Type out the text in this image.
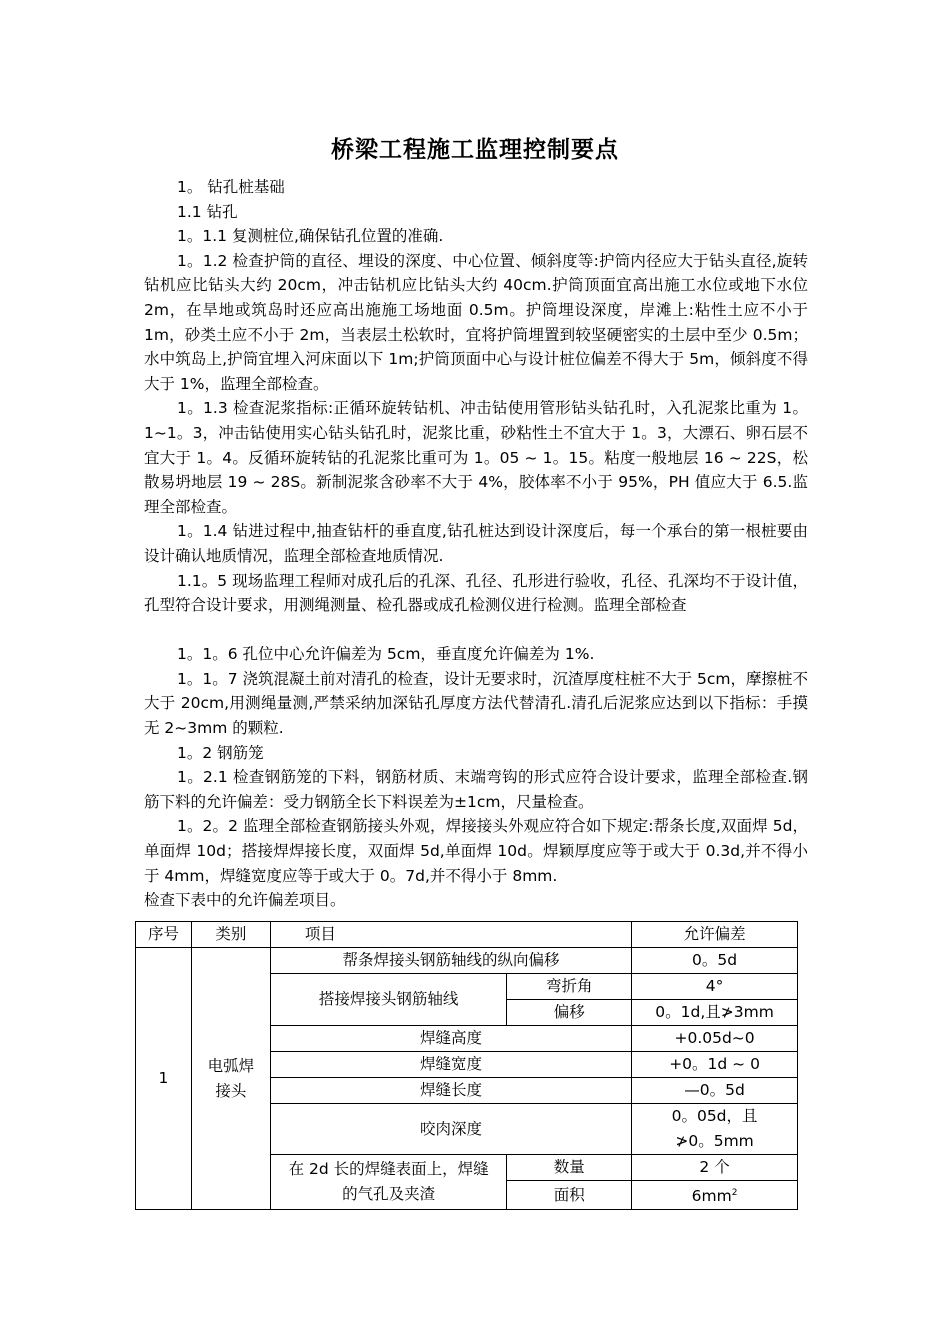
桥梁工程施工监理控制要点

1。 钻孔桩基础

1.1 钻孔

1。1.1 复测桩位,确保钻孔位置的准确.

1。1.2 检查护筒的直径、埋设的深度、中心位置、倾斜度等:护筒内径应大于钻头直径,旋转钻机应比钻头大约 20cm，冲击钻机应比钻头大约 40cm.护筒顶面宜高出施工水位或地下水位 2m，在旱地或筑岛时还应高出施施工场地面 0.5m。护筒埋设深度，岸滩上:粘性土应不小于 1m，砂类土应不小于 2m，当表层土松软时，宜将护筒埋置到较坚硬密实的土层中至少 0.5m；水中筑岛上,护筒宜埋入河床面以下 1m;护筒顶面中心与设计桩位偏差不得大于 5m，倾斜度不得大于 1%，监理全部检查。

1。1.3 检查泥浆指标:正循环旋转钻机、冲击钻使用管形钻头钻孔时，入孔泥浆比重为 1。1~1。3，冲击钻使用实心钻头钻孔时，泥浆比重，砂粘性土不宜大于 1。3，大漂石、卵石层不宜大于 1。4。反循环旋转钻的孔泥浆比重可为 1。05 ~ 1。15。粘度一般地层 16 ~ 22S，松散易坍地层 19 ~ 28S。新制泥浆含砂率不大于 4%，胶体率不小于 95%，PH 值应大于 6.5.监理全部检查。

1。1.4 钻进过程中,抽查钻杆的垂直度,钻孔桩达到设计深度后，每一个承台的第一根桩要由设计确认地质情况，监理全部检查地质情况.

1.1。5 现场监理工程师对成孔后的孔深、孔径、孔形进行验收，孔径、孔深均不于设计值，孔型符合设计要求，用测绳测量、检孔器或成孔检测仪进行检测。监理全部检查

1。1。6 孔位中心允许偏差为 5cm，垂直度允许偏差为 1%.

1。1。7 浇筑混凝土前对清孔的检查，设计无要求时，沉渣厚度柱桩不大于 5cm，摩擦桩不大于 20cm,用测绳量测,严禁采纳加深钻孔厚度方法代替清孔.清孔后泥浆应达到以下指标：手摸无 2~3mm 的颗粒.

1。2 钢筋笼

1。2.1 检查钢筋笼的下料，钢筋材质、末端弯钩的形式应符合设计要求，监理全部检查.钢筋下料的允许偏差：受力钢筋全长下料误差为±1cm，尺量检查。

1。2。2 监理全部检查钢筋接头外观，焊接接头外观应符合如下规定:帮条长度,双面焊 5d，单面焊 10d；搭接焊焊接长度，双面焊 5d,单面焊 10d。焊颖厚度应等于或大于 0.3d,并不得小于 4mm，焊缝宽度应等于或大于 0。7d,并不得小于 8mm.

检查下表中的允许偏差项目。

序号	类别	项目		允许偏差
1	电弧焊接头	帮条焊接头钢筋轴线的纵向偏移		0。5d
		搭接焊接头钢筋轴线	弯折角	4°
			偏移	0。1d,且≯3mm
		焊缝高度		+0.05d~0
		焊缝宽度		+0。1d ~ 0
		焊缝长度		—0。5d
		咬肉深度		0。05d，且≯0。5mm
		在 2d 长的焊缝表面上，焊缝的气孔及夹渣	数量	2 个
			面积	$6mm^2$
